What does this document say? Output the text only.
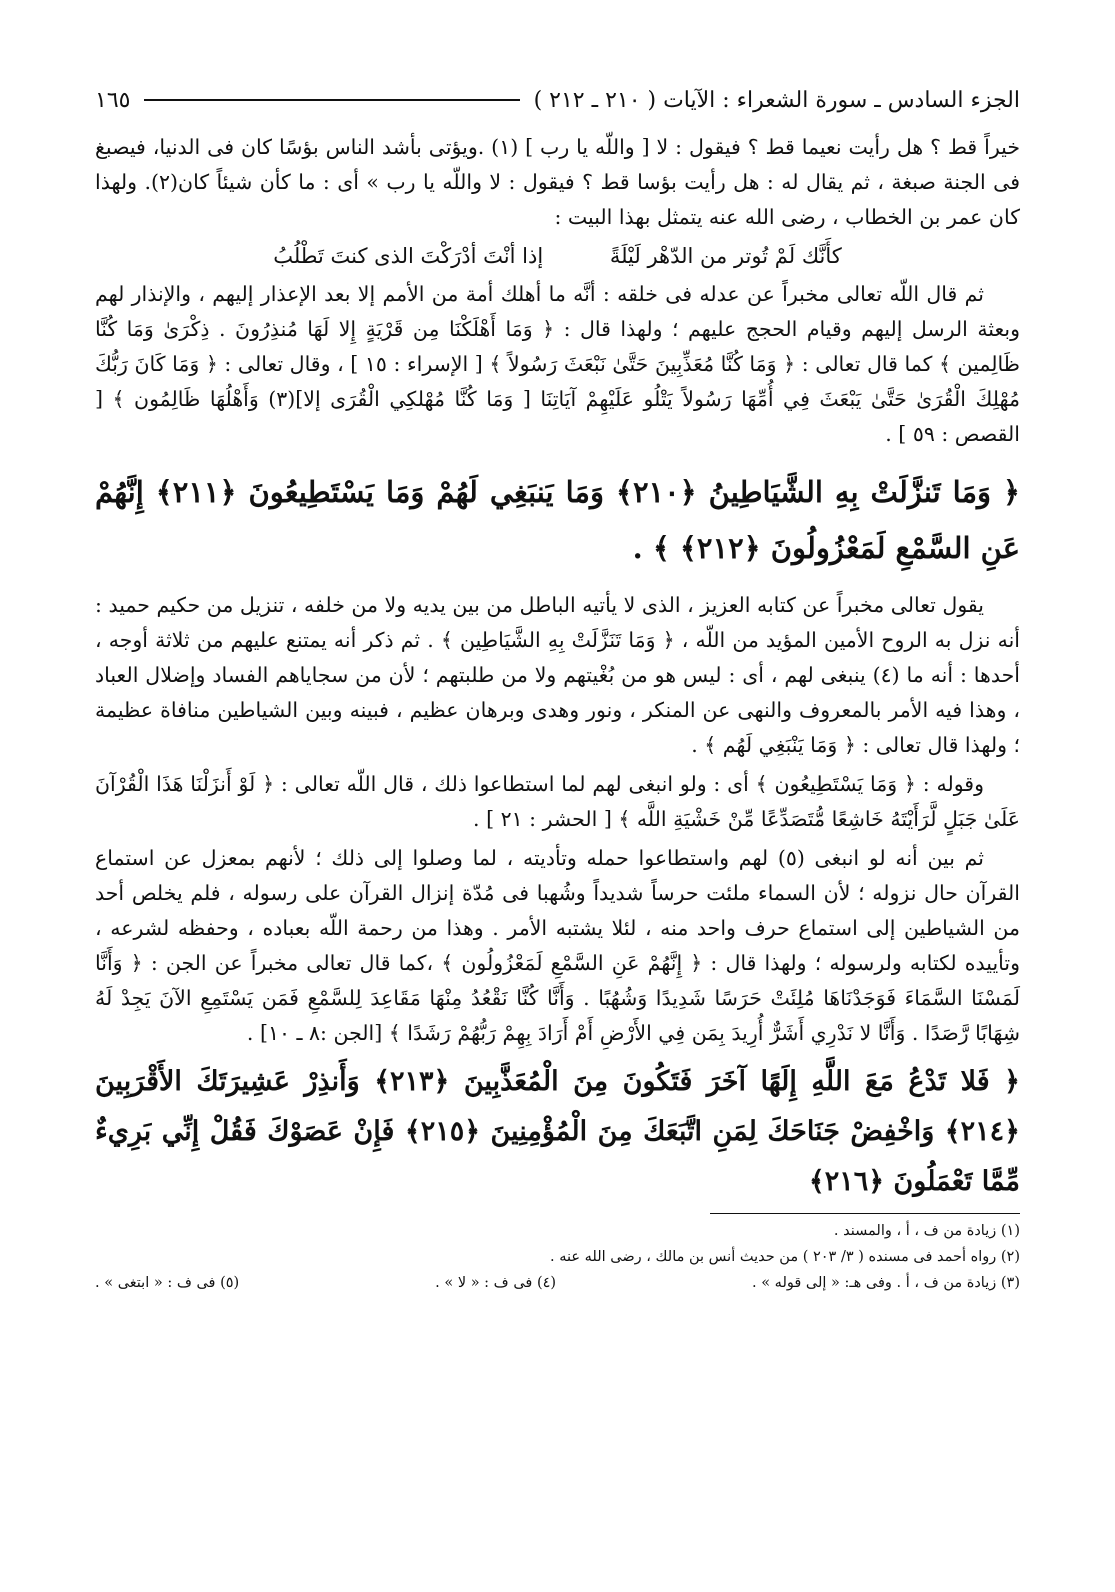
الجزء السادس ـ سورة الشعراء : الآيات ( ٢١٠ ـ ٢١٢ )
١٦٥

خيراً قط ؟ هل رأيت نعيما قط ؟ فيقول : لا [ واللّه يا رب ] (١) .ويؤتى بأشد الناس بؤسًا كان فى الدنيا، فيصبغ فى الجنة صبغة ، ثم يقال له : هل رأيت بؤسا قط ؟ فيقول : لا واللّه يا رب » أى : ما كأن شيئاً كان(٢). ولهذا كان عمر بن الخطاب ، رضى الله عنه يتمثل بهذا البيت :

كأَنَّك لَمْ تُوتر من الدّهْر لَيْلَةً إذا أنْتَ أدْرَكْتَ الذى كنتَ تَطْلُبُ

ثم قال اللّه تعالى مخبراً عن عدله فى خلقه : أنَّه ما أهلك أمة من الأمم إلا بعد الإعذار إليهم ، والإنذار لهم وبعثة الرسل إليهم وقيام الحجج عليهم ؛ ولهذا قال : ﴿ وَمَا أَهْلَكْنَا مِن قَرْيَةٍ إِلا لَهَا مُنذِرُونَ . ذِكْرَىٰ وَمَا كُنَّا ظَالِمين ﴾ كما قال تعالى : ﴿ وَمَا كُنَّا مُعَذِّبِينَ حَتَّىٰ نَبْعَثَ رَسُولاً ﴾ [ الإسراء : ١٥ ] ، وقال تعالى : ﴿ وَمَا كَانَ رَبُّكَ مُهْلِكَ الْقُرَىٰ حَتَّىٰ يَبْعَثَ فِي أُمِّهَا رَسُولاً يَتْلُو عَلَيْهِمْ آيَاتِنَا [ وَمَا كُنَّا مُهْلكِي الْقُرَى إلا](٣) وَأَهْلُهَا ظَالِمُون ﴾ [ القصص : ٥٩ ] .

﴿ وَمَا تَنزَّلَتْ بِهِ الشَّيَاطِينُ ﴿٢١٠﴾ وَمَا يَنبَغِي لَهُمْ وَمَا يَسْتَطِيعُونَ ﴿٢١١﴾ إِنَّهُمْ عَنِ السَّمْعِ لَمَعْزُولُونَ ﴿٢١٢﴾ ﴾ .

يقول تعالى مخبراً عن كتابه العزيز ، الذى لا يأتيه الباطل من بين يديه ولا من خلفه ، تنزيل من حكيم حميد : أنه نزل به الروح الأمين المؤيد من اللّه ، ﴿ وَمَا تَنَزَّلَتْ بِهِ الشَّيَاطِين ﴾ . ثم ذكر أنه يمتنع عليهم من ثلاثة أوجه ، أحدها : أنه ما (٤) ينبغى لهم ، أى : ليس هو من بُغْيتهم ولا من طلبتهم ؛ لأن من سجاياهم الفساد وإضلال العباد ، وهذا فيه الأمر بالمعروف والنهى عن المنكر ، ونور وهدى وبرهان عظيم ، فبينه وبين الشياطين منافاة عظيمة ؛ ولهذا قال تعالى : ﴿ وَمَا يَنْبَغِي لَهُم ﴾ .

وقوله : ﴿ وَمَا يَسْتَطِيعُون ﴾ أى : ولو انبغى لهم لما استطاعوا ذلك ، قال اللّه تعالى : ﴿ لَوْ أَنزَلْنَا هَذَا الْقُرْآنَ عَلَىٰ جَبَلٍ لَّرَأَيْتَهُ خَاشِعًا مُّتَصَدِّعًا مِّنْ خَشْيَةِ اللَّه ﴾ [ الحشر : ٢١ ] .

ثم بين أنه لو انبغى (٥) لهم واستطاعوا حمله وتأديته ، لما وصلوا إلى ذلك ؛ لأنهم بمعزل عن استماع القرآن حال نزوله ؛ لأن السماء ملئت حرساً شديداً وشُهبا فى مُدّة إنزال القرآن على رسوله ، فلم يخلص أحد من الشياطين إلى استماع حرف واحد منه ، لئلا يشتبه الأمر . وهذا من رحمة اللّه بعباده ، وحفظه لشرعه ، وتأييده لكتابه ولرسوله ؛ ولهذا قال : ﴿ إِنَّهُمْ عَنِ السَّمْعِ لَمَعْزُولُون ﴾ ،كما قال تعالى مخبراً عن الجن : ﴿ وَأَنَّا لَمَسْنَا السَّمَاءَ فَوَجَدْنَاهَا مُلِئَتْ حَرَسًا شَدِيدًا وَشُهُبًا . وَأَنَّا كُنَّا نَقْعُدُ مِنْهَا مَقَاعِدَ لِلسَّمْعِ فَمَن يَسْتَمِعِ الآنَ يَجِدْ لَهُ شِهَابًا رَّصَدًا . وَأَنَّا لا نَدْرِي أَشَرٌّ أُرِيدَ بِمَن فِي الأَرْضِ أَمْ أَرَادَ بِهِمْ رَبُّهُمْ رَشَدًا ﴾ [الجن :٨ ـ ١٠] .

﴿ فَلا تَدْعُ مَعَ اللَّهِ إِلَهًا آخَرَ فَتَكُونَ مِنَ الْمُعَذَّبِينَ ﴿٢١٣﴾ وَأَنذِرْ عَشِيرَتَكَ الأَقْرَبِينَ ﴿٢١٤﴾ وَاخْفِضْ جَنَاحَكَ لِمَنِ اتَّبَعَكَ مِنَ الْمُؤْمِنِينَ ﴿٢١٥﴾ فَإِنْ عَصَوْكَ فَقُلْ إِنِّي بَرِيءٌ مِّمَّا تَعْمَلُونَ ﴿٢١٦﴾

(١) زيادة من ف ، أ ، والمسند .
(٢) رواه أحمد فى مسنده ( ٣/ ٢٠٣ ) من حديث أنس بن مالك ، رضى الله عنه .
(٣) زيادة من ف ، أ . وفى هـ: « إلى قوله » .
(٤) فى ف : « لا » .
(٥) فى ف : « ابتغى » .
